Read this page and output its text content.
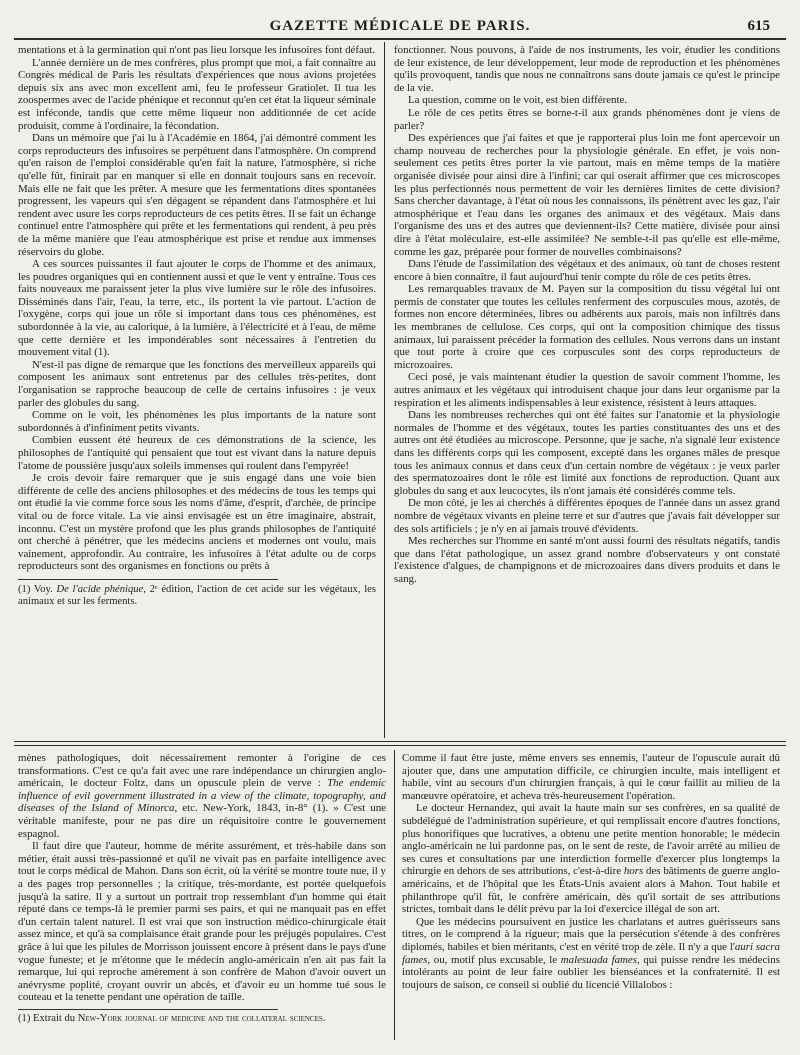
GAZETTE MÉDICALE DE PARIS.	615

mentations et à la germination qui n'ont pas lieu lorsque les infusoires font défaut.

L'année dernière un de mes confrères, plus prompt que moi, a fait connaître au Congrès médical de Paris les résultats d'expériences que nous avions projetées depuis six ans avec mon excellent ami, feu le professeur Gratiolet. Il tua les zoospermes avec de l'acide phénique et reconnut qu'en cet état la liqueur séminale est inféconde, tandis que cette même liqueur non additionnée de cet acide produisit, comme à l'ordinaire, la fécondation.

Dans un mémoire que j'ai lu à l'Académie en 1864, j'ai démontré comment les corps reproducteurs des infusoires se perpétuent dans l'atmosphère. On comprend qu'en raison de l'emploi considérable qu'en fait la nature, l'atmosphère, si riche qu'elle fût, finirait par en manquer si elle en donnait toujours sans en recevoir. Mais elle ne fait que les prêter. A mesure que les fermentations dites spontanées progressent, les vapeurs qui s'en dégagent se répandent dans l'atmosphère et lui rendent avec usure les corps reproducteurs de ces petits êtres. Il se fait un échange continuel entre l'atmosphère qui prête et les fermentations qui rendent, à peu près de la même manière que l'eau atmosphérique est prise et rendue aux immenses réservoirs du globe.

A ces sources puissantes il faut ajouter le corps de l'homme et des animaux, les poudres organiques qui en contiennent aussi et que le vent y entraîne. Tous ces faits nouveaux me paraissent jeter la plus vive lumière sur le rôle des infusoires. Disséminés dans l'air, l'eau, la terre, etc., ils portent la vie partout. L'action de l'oxygène, corps qui joue un rôle si important dans tous ces phénomènes, est subordonnée à la vie, au calorique, à la lumière, à l'électricité et à l'eau, de même que cette dernière et les impondérables sont nécessaires à l'entretien du mouvement vital (1).

N'est-il pas digne de remarque que les fonctions des merveilleux appareils qui composent les animaux sont entretenus par des cellules très-petites, dont l'organisation se rapproche beaucoup de celle de certains infusoires : je veux parler des globules du sang.

Comme on le voit, les phénomènes les plus importants de la nature sont subordonnés à d'infiniment petits vivants.

Combien eussent été heureux de ces démonstrations de la science, les philosophes de l'antiquité qui pensaient que tout est vivant dans la nature depuis l'atome de poussière jusqu'aux soleils immenses qui roulent dans l'empyrée!

Je crois devoir faire remarquer que je suis engagé dans une voie bien différente de celle des anciens philosophes et des médecins de tous les temps qui ont étudié la vie comme force sous les noms d'âme, d'esprit, d'archée, de principe vital ou de force vitale. La vie ainsi envisagée est un être imaginaire, abstrait, inconnu. C'est un mystère profond que les plus grands philosophes de l'antiquité ont cherché à pénétrer, que les médecins anciens et modernes ont voulu, mais vainement, approfondir. Au contraire, les infusoires à l'état adulte ou de corps reproducteurs sont des organismes en fonctions ou prêts à

(1) Voy. De l'acide phénique, 2ᵉ édition, l'action de cet acide sur les végétaux, les animaux et sur les ferments.

fonctionner. Nous pouvons, à l'aide de nos instruments, les voir, étudier les conditions de leur existence, de leur développement, leur mode de reproduction et les phénomènes qu'ils provoquent, tandis que nous ne connaîtrons sans doute jamais ce qu'est le principe de la vie.

La question, comme on le voit, est bien différente.

Le rôle de ces petits êtres se borne-t-il aux grands phénomènes dont je viens de parler?

Des expériences que j'ai faites et que je rapporterai plus loin me font apercevoir un champ nouveau de recherches pour la physiologie générale. En effet, je vois non-seulement ces petits êtres porter la vie partout, mais en même temps de la matière organisée divisée pour ainsi dire à l'infini; car qui oserait affirmer que ces microscopes les plus perfectionnés nous permettent de voir les dernières limites de cette division? Sans chercher davantage, à l'état où nous les connaissons, ils pénètrent avec les gaz, l'air atmosphérique et l'eau dans les organes des animaux et des végétaux. Mais dans l'organisme des uns et des autres que deviennent-ils? Cette matière, divisée pour ainsi dire à l'état moléculaire, est-elle assimilée? Ne semble-t-il pas qu'elle est elle-même, comme les gaz, préparée pour former de nouvelles combinaisons?

Dans l'étude de l'assimilation des végétaux et des animaux, où tant de choses restent encore à bien connaître, il faut aujourd'hui tenir compte du rôle de ces petits êtres.

Les remarquables travaux de M. Payen sur la composition du tissu végétal lui ont permis de constater que toutes les cellules renferment des corpuscules mous, azotés, de formes non encore déterminées, libres ou adhérents aux parois, mais non infiltrés dans les membranes de cellulose. Ces corps, qui ont la composition chimique des tissus animaux, lui paraissent précéder la formation des cellules. Nous verrons dans un instant que tout porte à croire que ces corpuscules sont des corps reproducteurs de microzoaires.

Ceci posé, je vais maintenant étudier la question de savoir comment l'homme, les autres animaux et les végétaux qui introduisent chaque jour dans leur organisme par la respiration et les aliments indispensables à leur existence, résistent à leurs attaques.

Dans les nombreuses recherches qui ont été faites sur l'anatomie et la physiologie normales de l'homme et des végétaux, toutes les parties constituantes des uns et des autres ont été étudiées au microscope. Personne, que je sache, n'a signalé leur existence dans les différents corps qui les composent, excepté dans les organes mâles de presque tous les animaux connus et dans ceux d'un certain nombre de végétaux : je veux parler des spermatozoaires dont le rôle est limité aux fonctions de reproduction. Quant aux globules du sang et aux leucocytes, ils n'ont jamais été considérés comme tels.

De mon côté, je les ai cherchés à différentes époques de l'année dans un assez grand nombre de végétaux vivants en pleine terre et sur d'autres que j'avais fait développer sur des sols artificiels ; je n'y en ai jamais trouvé d'évidents.

Mes recherches sur l'homme en santé m'ont aussi fourni des résultats négatifs, tandis que dans l'état pathologique, un assez grand nombre d'observateurs y ont constaté l'existence d'algues, de champignons et de microzoaires dans divers produits et dans le sang.

mènes pathologiques, doit nécessairement remonter à l'origine de ces transformations. C'est ce qu'a fait avec une rare indépendance un chirurgien anglo-américain, le docteur Foltz, dans un opuscule plein de verve : The endemic influence of evil government illustrated in a view of the climate, topography, and diseases of the Island of Minorca, etc. New-York, 1843, in-8° (1). » C'est une véritable manifeste, pour ne pas dire un réquisitoire contre le gouvernement espagnol.

Il faut dire que l'auteur, homme de mérite assurément, et très-habile dans son métier, était aussi très-passionné et qu'il ne vivait pas en parfaite intelligence avec tout le corps médical de Mahon. Dans son écrit, où la vérité se montre toute nue, il y a des pages trop personnelles ; la critique, très-mordante, est portée quelquefois jusqu'à la satire. Il y a surtout un portrait trop ressemblant d'un homme qui était réputé dans ce temps-là le premier parmi ses pairs, et qui ne manquait pas en effet d'un certain talent naturel. Il est vrai que son instruction médico-chirurgicale était assez mince, et qu'à sa complaisance était grande pour les préjugés populaires. C'est grâce à lui que les pilules de Morrisson jouissent encore à présent dans le pays d'une vogue funeste; et je m'étonne que le médecin anglo-américain n'en ait pas fait la remarque, lui qui reproche amèrement à son confrère de Mahon d'avoir ouvert un anévrysme poplité, croyant ouvrir un abcès, et d'avoir eu un homme tué sous le couteau et la tenette pendant une opération de taille.

(1) Extrait du New-York journal of medicine and the collateral sciences.

Comme il faut être juste, même envers ses ennemis, l'auteur de l'opuscule aurait dû ajouter que, dans une amputation difficile, ce chirurgien inculte, mais intelligent et habile, vint au secours d'un chirurgien français, à qui le cœur faillit au milieu de la manœuvre opératoire, et acheva très-heureusement l'opération.

Le docteur Hernandez, qui avait la haute main sur ses confrères, en sa qualité de subdélégué de l'administration supérieure, et qui remplissait encore d'autres fonctions, plus honorifiques que lucratives, a obtenu une petite mention honorable; le médecin anglo-américain ne lui pardonne pas, on le sent de reste, de l'avoir arrêté au milieu de ses cures et consultations par une interdiction formelle d'exercer plus longtemps la chirurgie en dehors de ses attributions, c'est-à-dire hors des bâtiments de guerre anglo-américains, et de l'hôpital que les États-Unis avaient alors à Mahon. Tout habile et philanthrope qu'il fût, le confrère américain, dès qu'il sortait de ses attributions strictes, tombait dans le délit prévu par la loi d'exercice illégal de son art.

Que les médecins poursuivent en justice les charlatans et autres guérisseurs sans titres, on le comprend à la rigueur; mais que la persécution s'étende à des confrères diplomés, habiles et bien méritants, c'est en vérité trop de zèle. Il n'y a que l'auri sacra fames, ou, motif plus excusable, le malesuada fames, qui puisse rendre les médecins intolérants au point de leur faire oublier les bienséances et la confraternité. Il est toujours de saison, ce conseil si oublié du licencié Villalobos :
